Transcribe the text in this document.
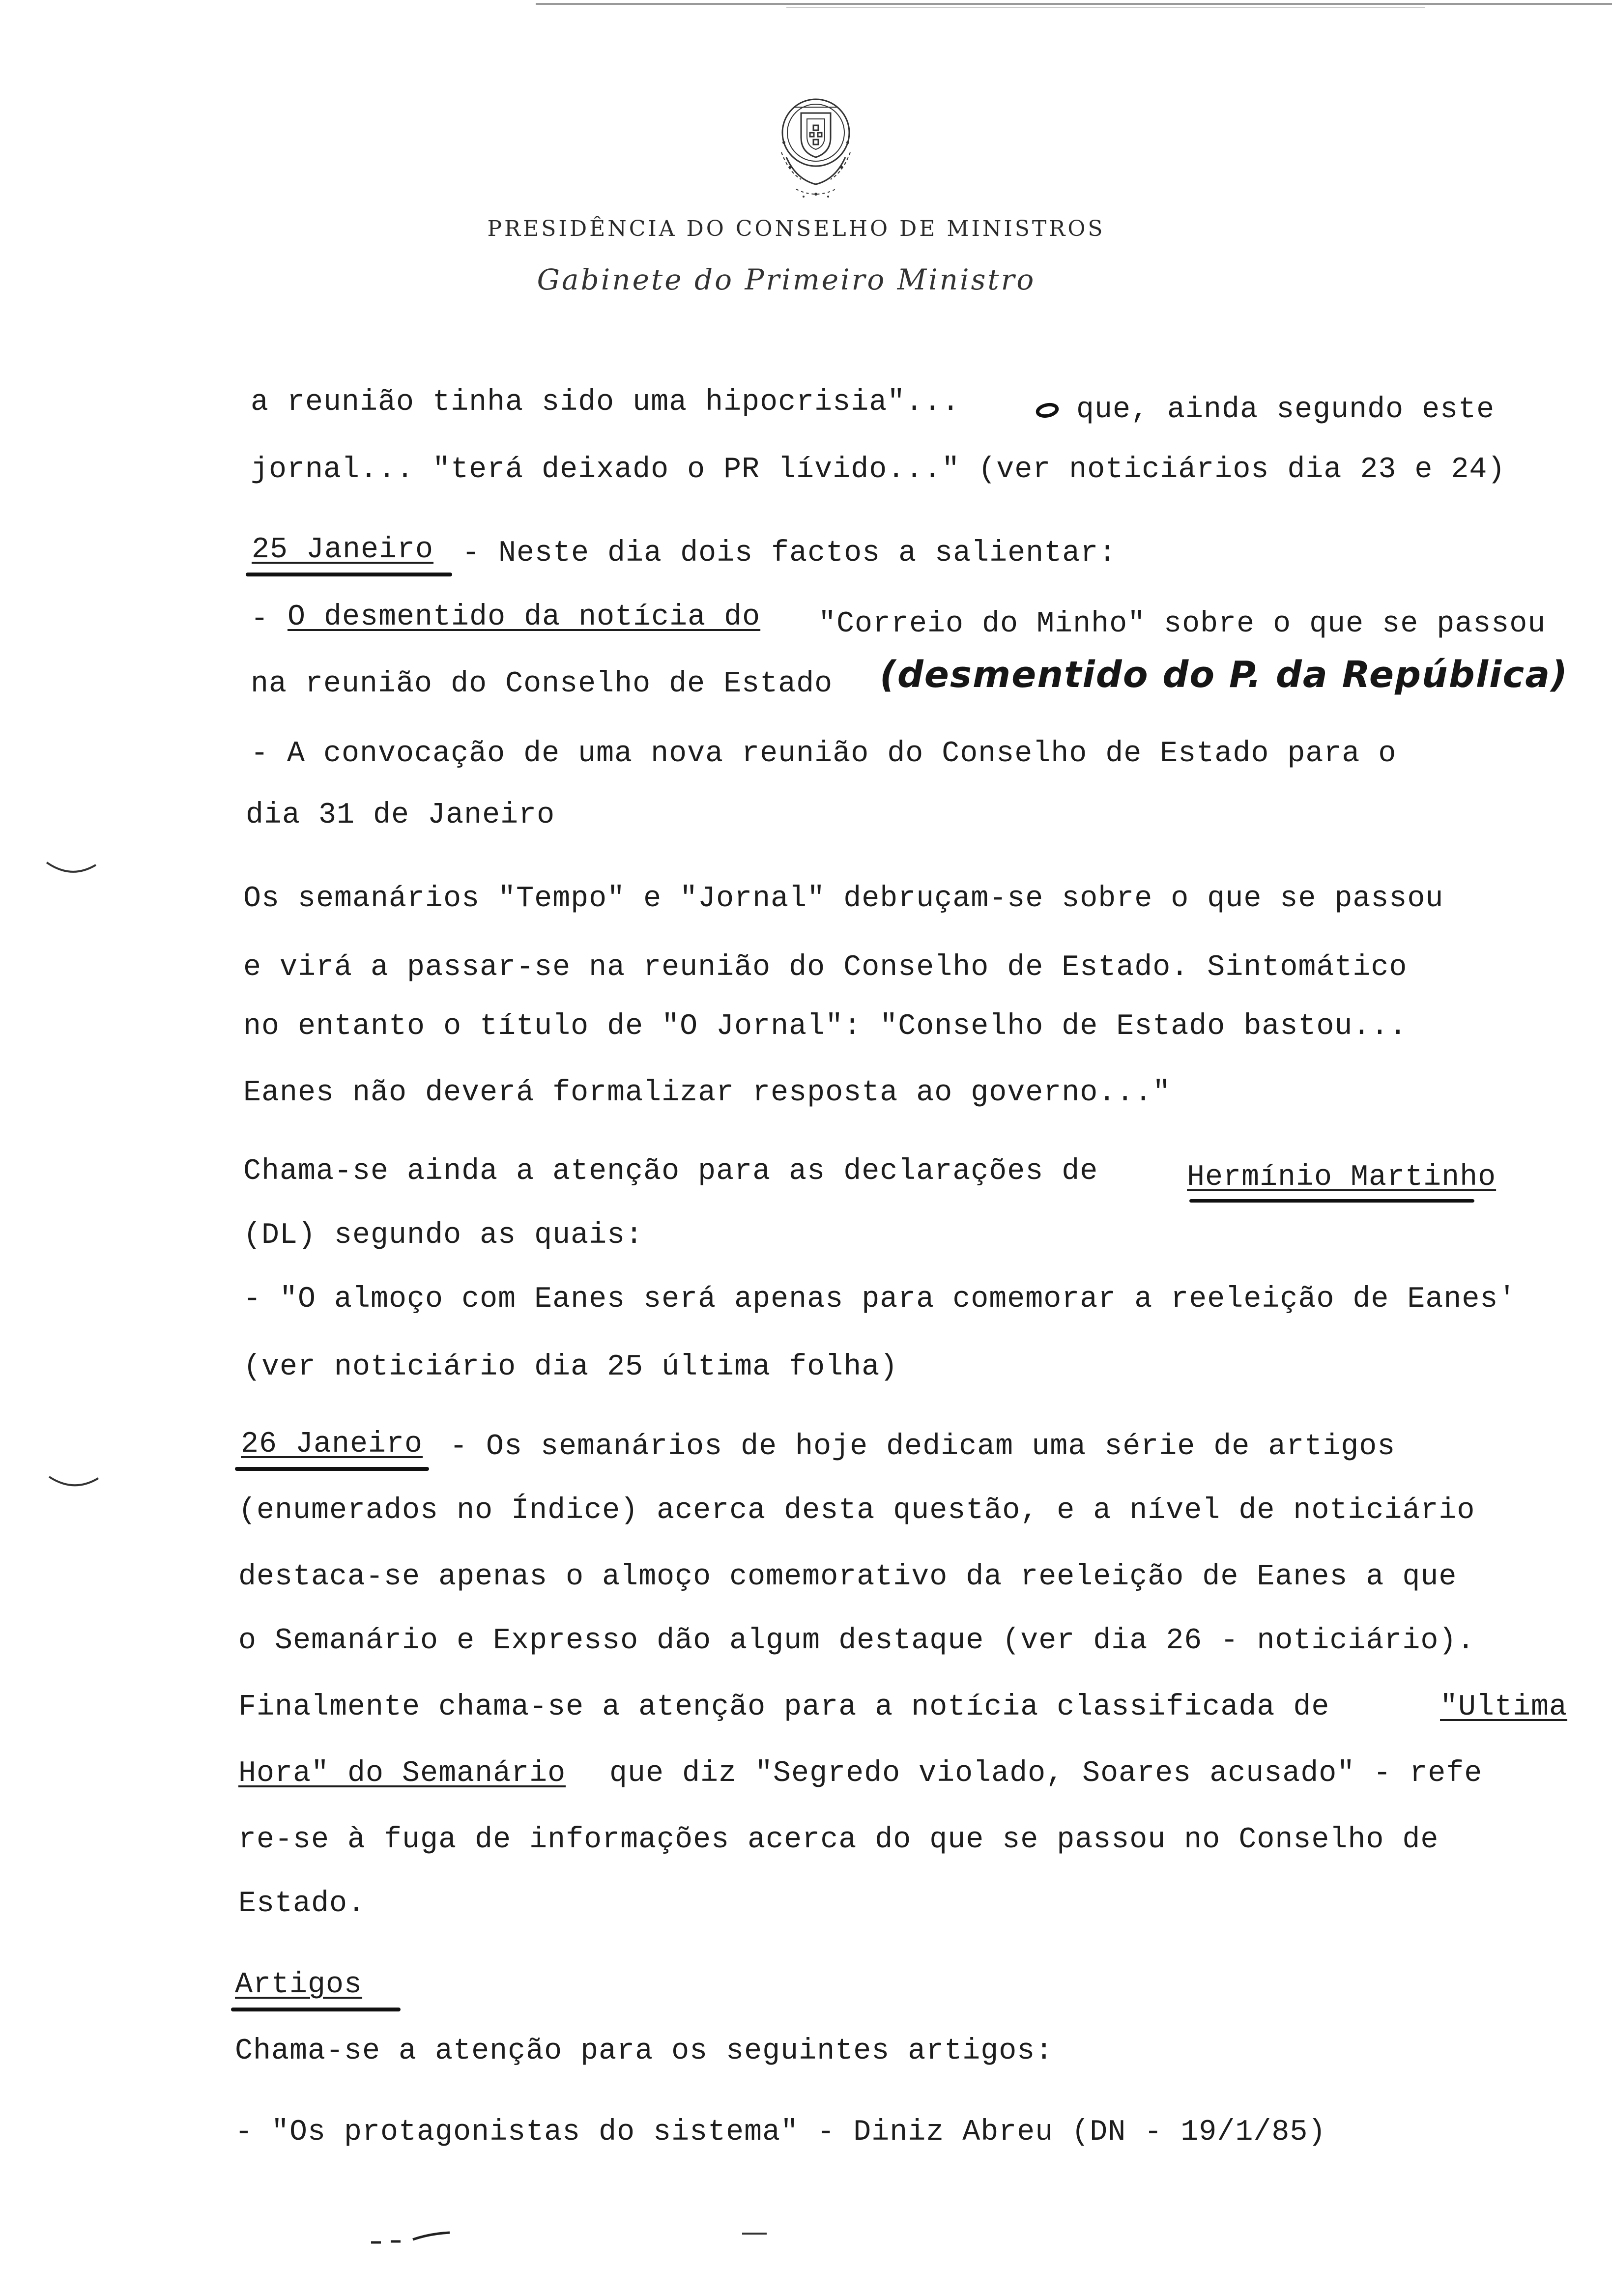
PRESIDÊNCIA DO CONSELHO DE MINISTROS
Gabinete do Primeiro Ministro
a reunião tinha sido uma hipocrisia"...	que, ainda segundo este
jornal... "terá deixado o PR lívido..." (ver noticiários dia 23 e 24)
25 Janeiro - Neste dia dois factos a salientar:
- O desmentido da notícia do "Correio do Minho" sobre o que se passou
na reunião do Conselho de Estado (desmentido do P. da República)
- A convocação de uma nova reunião do Conselho de Estado para o
dia 31 de Janeiro
Os semanários "Tempo" e "Jornal" debruçam-se sobre o que se passou
e virá a passar-se na reunião do Conselho de Estado. Sintomático
no entanto o título de "O Jornal": "Conselho de Estado bastou...
Eanes não deverá formalizar resposta ao governo..."
Chama-se ainda a atenção para as declarações de	Hermínio Martinho
(DL) segundo as quais:
- "O almoço com Eanes será apenas para comemorar a reeleição de Eanes'
(ver noticiário dia 25 última folha)
26 Janeiro - Os semanários de hoje dedicam uma série de artigos
(enumerados no Índice) acerca desta questão, e a nível de noticiário
destaca-se apenas o almoço comemorativo da reeleição de Eanes a que
o Semanário e Expresso dão algum destaque (ver dia 26 - noticiário).
Finalmente chama-se a atenção para a notícia classificada de	"Ultima
Hora" do Semanário que diz "Segredo violado, Soares acusado" - refe
re-se à fuga de informações acerca do que se passou no Conselho de
Estado.
Artigos
Chama-se a atenção para os seguintes artigos:
- "Os protagonistas do sistema" - Diniz Abreu (DN - 19/1/85)
